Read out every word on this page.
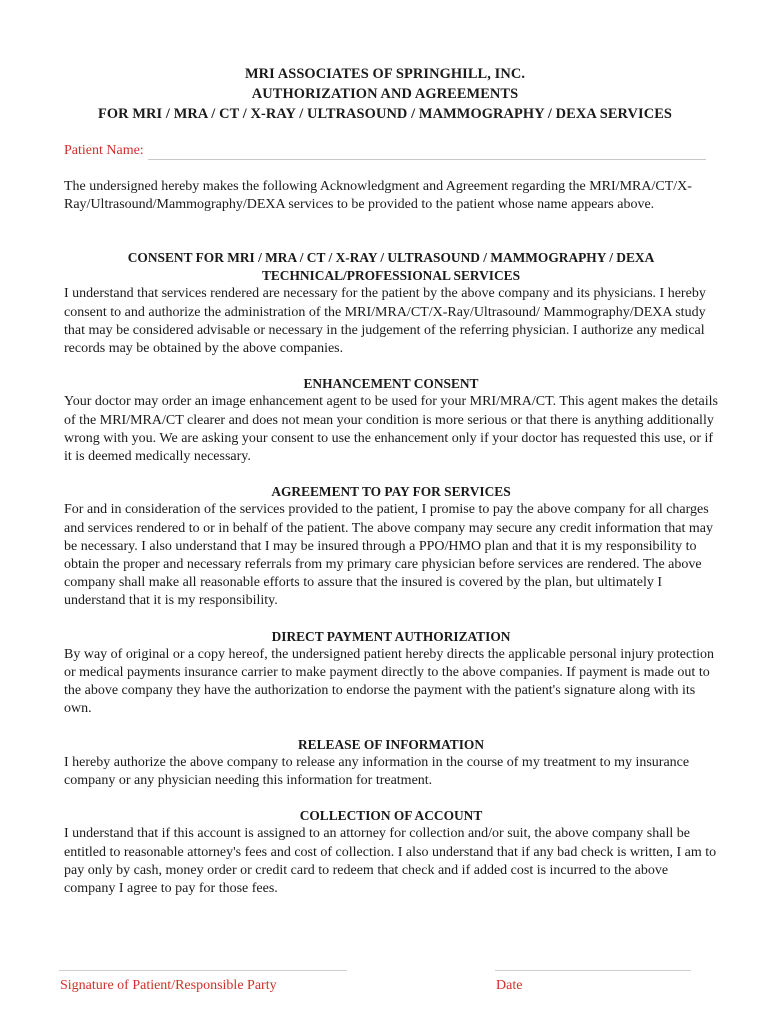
MRI ASSOCIATES OF SPRINGHILL, INC.
AUTHORIZATION AND AGREEMENTS
FOR MRI / MRA / CT / X-RAY / ULTRASOUND / MAMMOGRAPHY / DEXA SERVICES
Patient Name:
The undersigned hereby makes the following Acknowledgment and Agreement regarding the MRI/MRA/CT/X-Ray/Ultrasound/Mammography/DEXA services to be provided to the patient whose name appears above.
CONSENT FOR MRI / MRA / CT / X-RAY / ULTRASOUND / MAMMOGRAPHY / DEXA
TECHNICAL/PROFESSIONAL SERVICES
I understand that services rendered are necessary for the patient by the above company and its physicians. I hereby consent to and authorize the administration of the MRI/MRA/CT/X-Ray/Ultrasound/ Mammography/DEXA study that may be considered advisable or necessary in the judgement of the referring physician. I authorize any medical records may be obtained by the above companies.
ENHANCEMENT CONSENT
Your doctor may order an image enhancement agent to be used for your MRI/MRA/CT. This agent makes the details of the MRI/MRA/CT clearer and does not mean your condition is more serious or that there is anything additionally wrong with you. We are asking your consent to use the enhancement only if your doctor has requested this use, or if it is deemed medically necessary.
AGREEMENT TO PAY FOR SERVICES
For and in consideration of the services provided to the patient, I promise to pay the above company for all charges and services rendered to or in behalf of the patient. The above company may secure any credit information that may be necessary. I also understand that I may be insured through a PPO/HMO plan and that it is my responsibility to obtain the proper and necessary referrals from my primary care physician before services are rendered. The above company shall make all reasonable efforts to assure that the insured is covered by the plan, but ultimately I understand that it is my responsibility.
DIRECT PAYMENT AUTHORIZATION
By way of original or a copy hereof, the undersigned patient hereby directs the applicable personal injury protection or medical payments insurance carrier to make payment directly to the above companies. If payment is made out to the above company they have the authorization to endorse the payment with the patient's signature along with its own.
RELEASE OF INFORMATION
I hereby authorize the above company to release any information in the course of my treatment to my insurance company or any physician needing this information for treatment.
COLLECTION OF ACCOUNT
I understand that if this account is assigned to an attorney for collection and/or suit, the above company shall be entitled to reasonable attorney's fees and cost of collection. I also understand that if any bad check is written, I am to pay only by cash, money order or credit card to redeem that check and if added cost is incurred to the above company I agree to pay for those fees.
Signature of Patient/Responsible Party	Date
